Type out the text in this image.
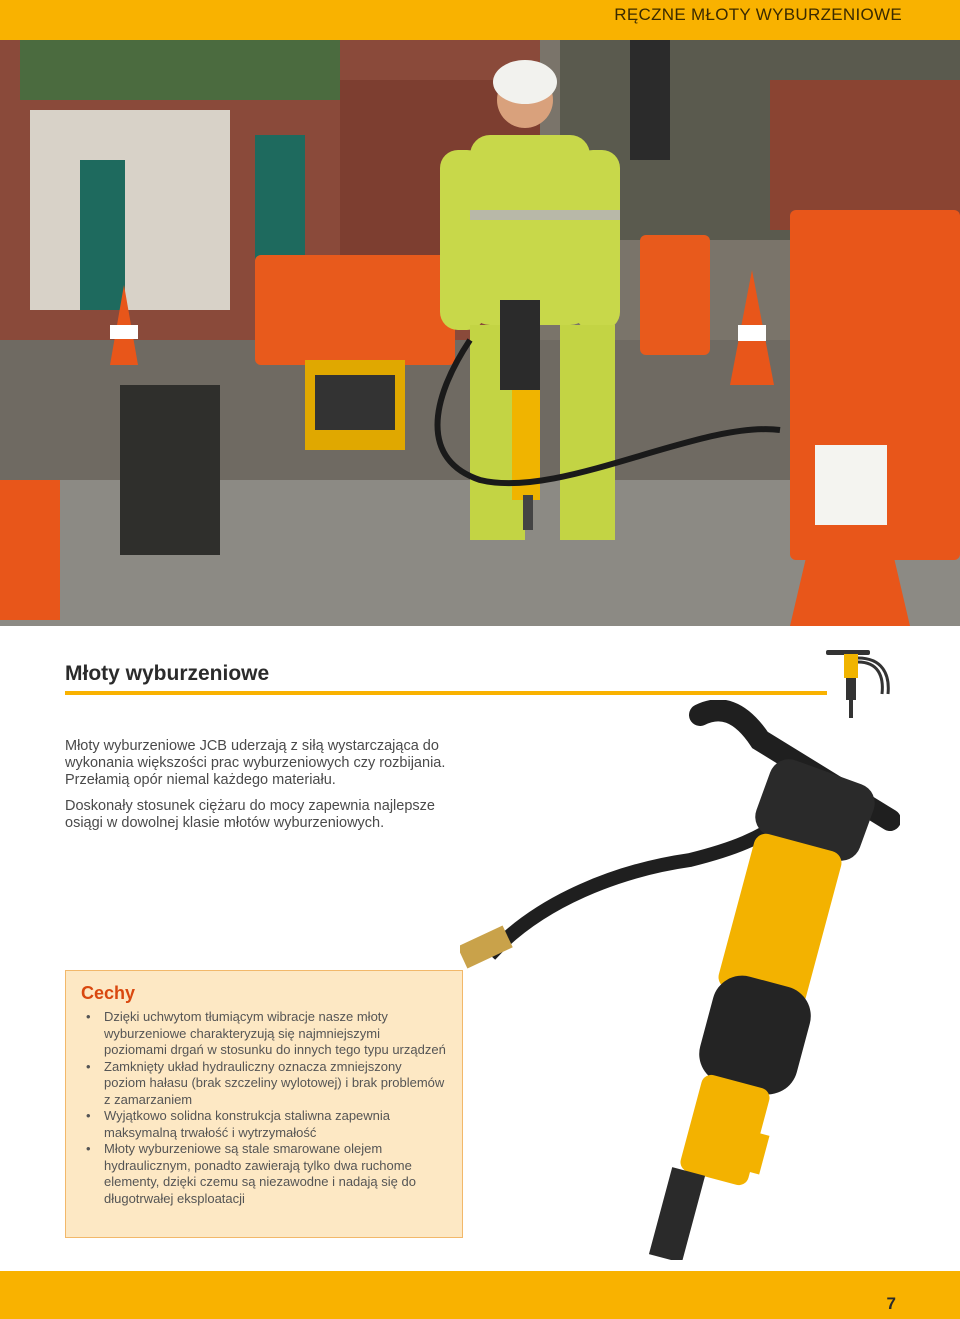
RĘCZNE MŁOTY WYBURZENIOWE
Młoty wyburzeniowe

Młoty wyburzeniowe JCB uderzają z siłą wystarczająca do wykonania większości prac wyburzeniowych czy rozbijania. Przełamią opór niemal każdego materiału.

Doskonały stosunek ciężaru do mocy zapewnia najlepsze osiągi w dowolnej klasie młotów wyburzeniowych.

Cechy
• Dzięki uchwytom tłumiącym wibracje nasze młoty wyburzeniowe charakteryzują się najmniejszymi poziomami drgań w stosunku do innych tego typu urządzeń
• Zamknięty układ hydrauliczny oznacza zmniejszony poziom hałasu (brak szczeliny wylotowej) i brak problemów z zamarzaniem
• Wyjątkowo solidna konstrukcja staliwna zapewnia maksymalną trwałość i wytrzymałość
• Młoty wyburzeniowe są stale smarowane olejem hydraulicznym, ponadto zawierają tylko dwa ruchome elementy, dzięki czemu są niezawodne i nadają się do długotrwałej eksploatacji
7
